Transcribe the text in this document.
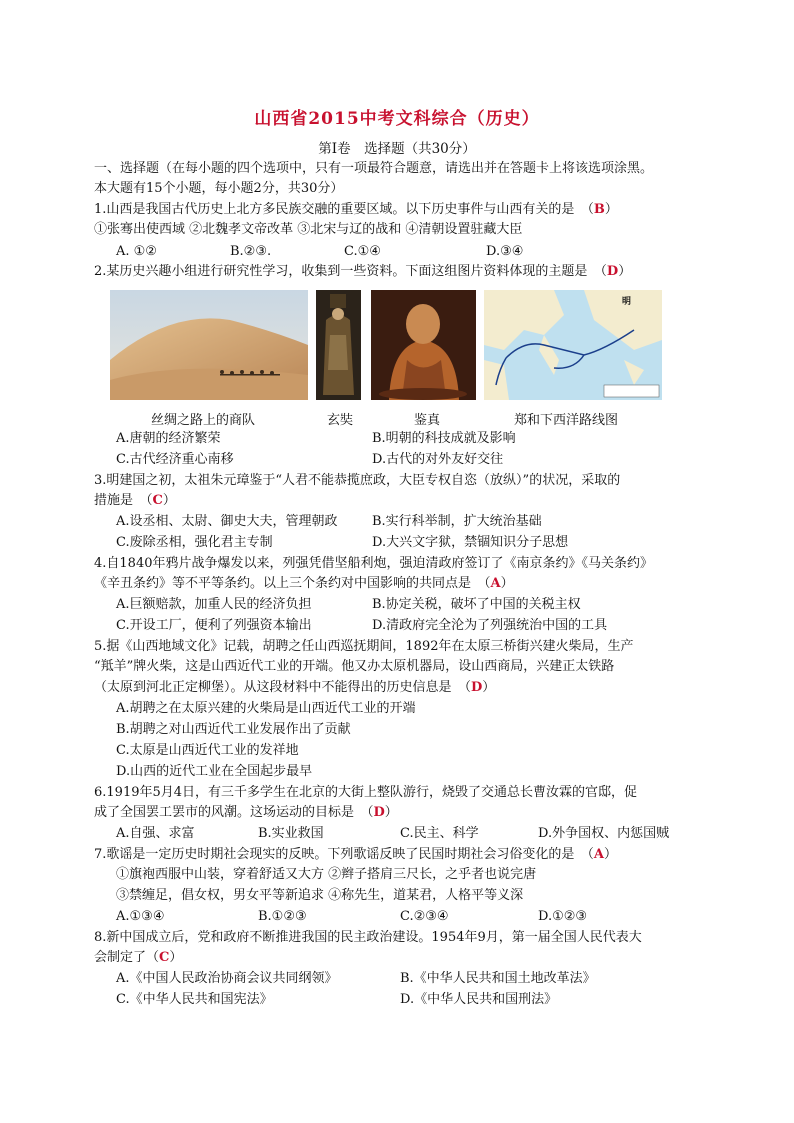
山西省2015中考文科综合（历史）
第Ⅰ卷　选择题（共30分）
一、选择题（在每小题的四个选项中，只有一项最符合题意，请选出并在答题卡上将该选项涂黑。
本大题有15个小题，每小题2分，共30分）
1.山西是我国古代历史上北方多民族交融的重要区域。以下历史事件与山西有关的是　（B）
①张骞出使西域 ②北魏孝文帝改革 ③北宋与辽的战和 ④清朝设置驻藏大臣
A. ①②	B.②③.	C.①④	D.③④
2.某历史兴趣小组进行研究性学习，收集到一些资料。下面这组图片资料体现的主题是　（D）
明
丝绸之路上的商队	玄奘	鉴真	郑和下西洋路线图
A.唐朝的经济繁荣	B.明朝的科技成就及影响
C.古代经济重心南移	D.古代的对外友好交往
3.明建国之初，太祖朱元璋鉴于“人君不能恭揽庶政，大臣专权自恣（放纵）”的状况，采取的
措施是　（C）
A.设丞相、太尉、御史大夫，管理朝政	B.实行科举制，扩大统治基础
C.废除丞相，强化君主专制	D.大兴文字狱，禁锢知识分子思想
4.自1840年鸦片战争爆发以来，列强凭借坚船利炮，强迫清政府签订了《南京条约》《马关条约》
《辛丑条约》等不平等条约。以上三个条约对中国影响的共同点是　（A）
A.巨额赔款，加重人民的经济负担	B.协定关税，破坏了中国的关税主权
C.开设工厂，便利了列强资本输出	D.清政府完全沦为了列强统治中国的工具
5.据《山西地域文化》记载，胡聘之任山西巡抚期间，1892年在太原三桥街兴建火柴局，生产
“羝羊”牌火柴，这是山西近代工业的开端。他又办太原机器局，设山西商局，兴建正太铁路
（太原到河北正定柳堡）。从这段材料中不能得出的历史信息是　（D）
A.胡聘之在太原兴建的火柴局是山西近代工业的开端
B.胡聘之对山西近代工业发展作出了贡献
C.太原是山西近代工业的发祥地
D.山西的近代工业在全国起步最早
6.1919年5月4日，有三千多学生在北京的大街上整队游行，烧毁了交通总长曹汝霖的官邸，促
成了全国罢工罢市的风潮。这场运动的目标是　（D）
A.自强、求富	B.实业救国	C.民主、科学	D.外争国权、内惩国贼
7.歌谣是一定历史时期社会现实的反映。下列歌谣反映了民国时期社会习俗变化的是　（A）
①旗袍西服中山装，穿着舒适又大方 ②辫子搭肩三尺长，之乎者也说完唐
③禁缠足，倡女权，男女平等新追求 ④称先生，道某君，人格平等义深
A.①③④	B.①②③	C.②③④	D.①②③
8.新中国成立后，党和政府不断推进我国的民主政治建设。1954年9月，第一届全国人民代表大
会制定了（C）
A.《中国人民政治协商会议共同纲领》	B.《中华人民共和国土地改革法》
C.《中华人民共和国宪法》	D.《中华人民共和国刑法》
